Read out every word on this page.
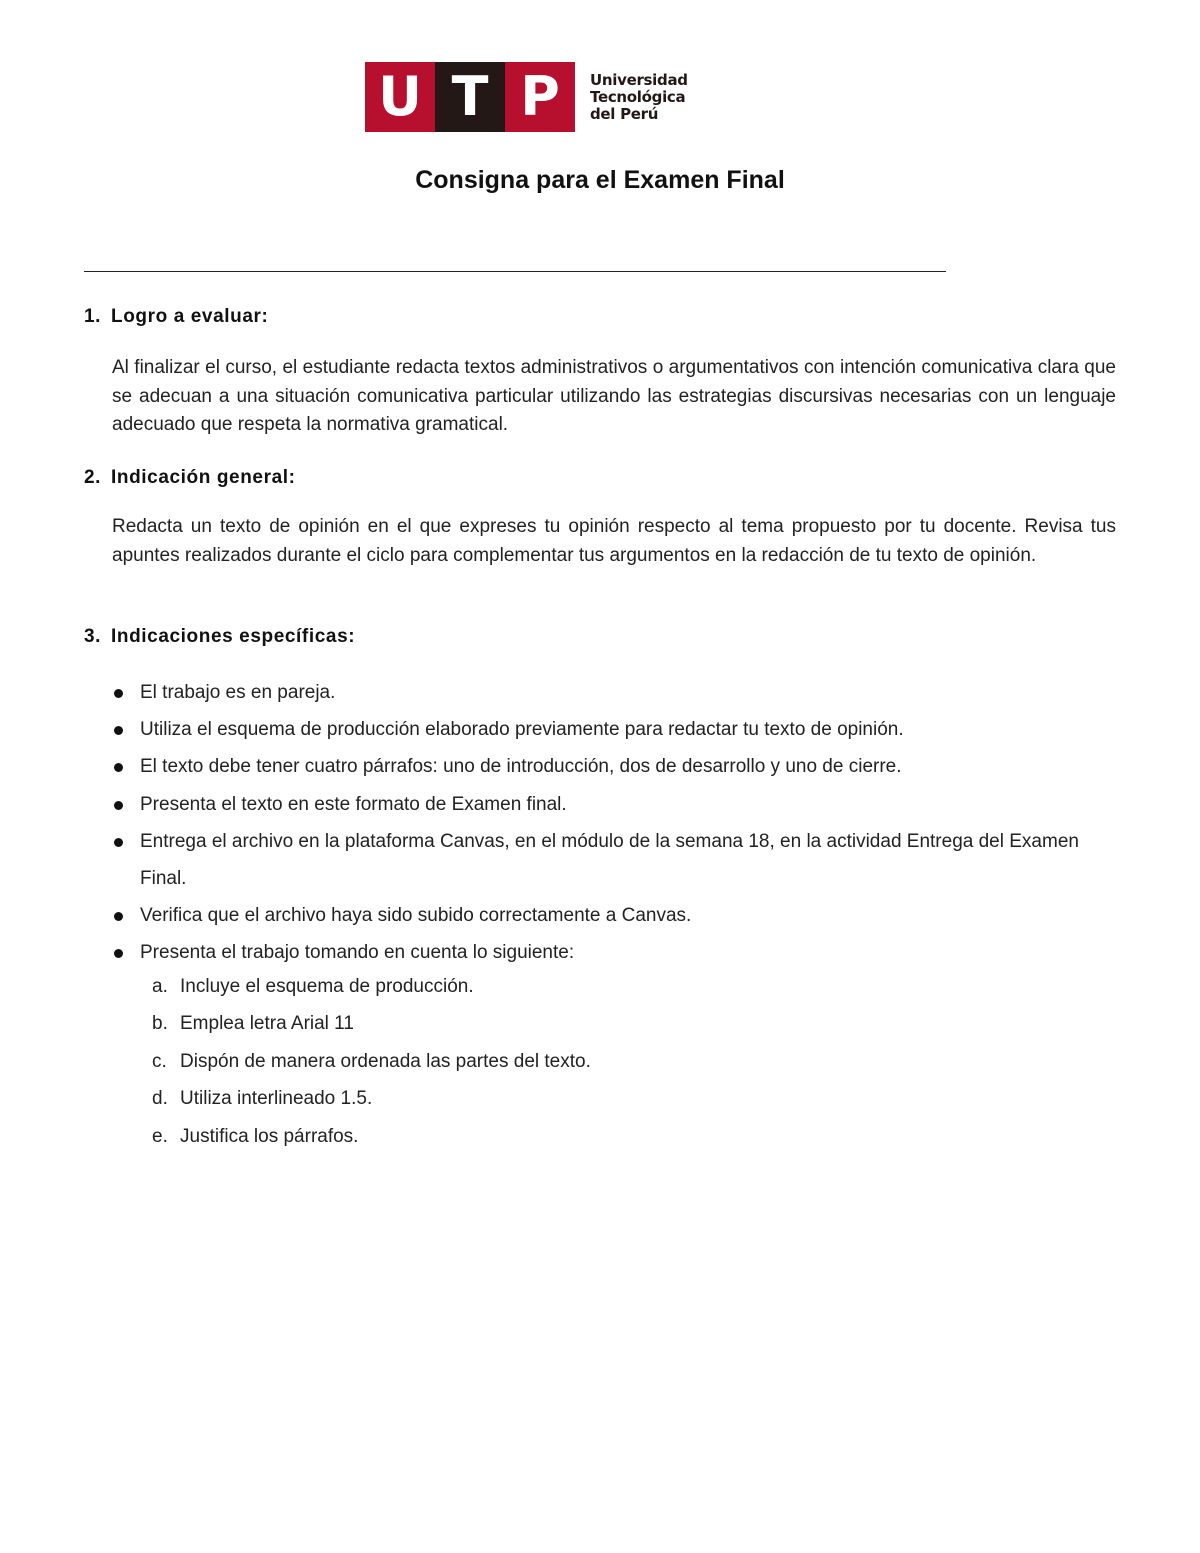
U T P	Universidad
Tecnológica
del Perú
Consigna para el Examen Final
1. Logro a evaluar:

Al finalizar el curso, el estudiante redacta textos administrativos o argumentativos con intención comunicativa clara que se adecuan a una situación comunicativa particular utilizando las estrategias discursivas necesarias con un lenguaje adecuado que respeta la normativa gramatical.

2. Indicación general:

Redacta un texto de opinión en el que expreses tu opinión respecto al tema propuesto por tu docente. Revisa tus apuntes realizados durante el ciclo para complementar tus argumentos en la redacción de tu texto de opinión.

3. Indicaciones específicas:
El trabajo es en pareja.
Utiliza el esquema de producción elaborado previamente para redactar tu texto de opinión.
El texto debe tener cuatro párrafos: uno de introducción, dos de desarrollo y uno de cierre.
Presenta el texto en este formato de Examen final.
Entrega el archivo en la plataforma Canvas, en el módulo de la semana 18, en la actividad Entrega del Examen Final.
Verifica que el archivo haya sido subido correctamente a Canvas.
Presenta el trabajo tomando en cuenta lo siguiente:
a. Incluye el esquema de producción.
b. Emplea letra Arial 11
c. Dispón de manera ordenada las partes del texto.
d. Utiliza interlineado 1.5.
e. Justifica los párrafos.
